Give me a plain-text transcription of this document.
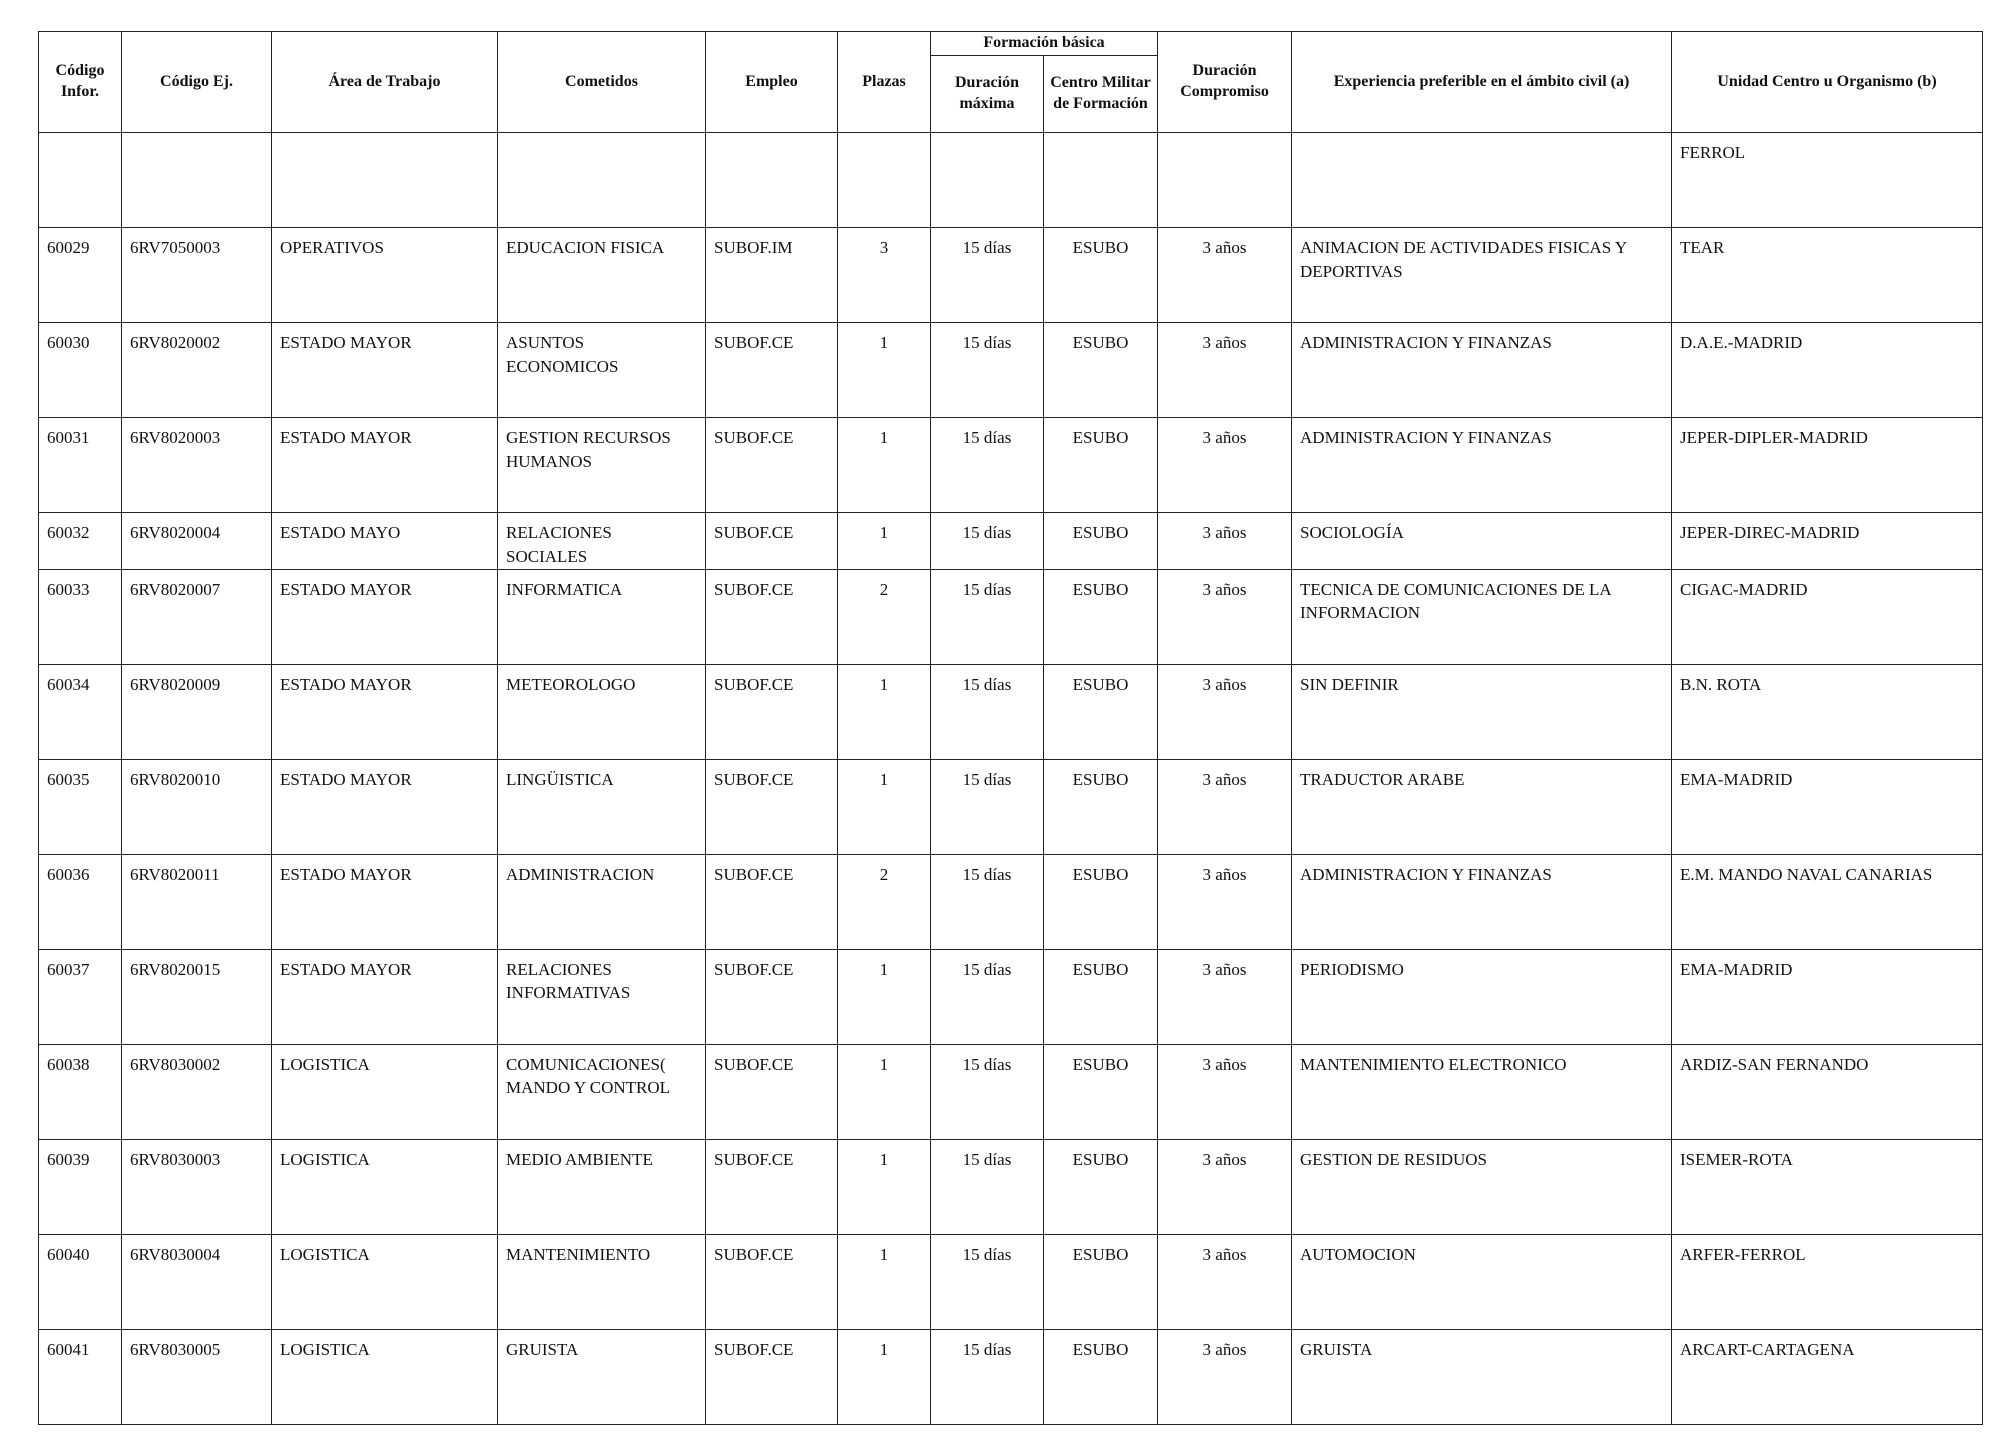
Código Infor.	Código Ej.	Área de Trabajo	Cometidos	Empleo	Plazas	Formación básica		Duración Compromiso	Experiencia preferible en el ámbito civil (a)	Unidad Centro u Organismo (b)
						Duración máxima	Centro Militar de Formación			
										FERROL
60029	6RV7050003	OPERATIVOS	EDUCACION FISICA	SUBOF.IM	3	15 días	ESUBO	3 años	ANIMACION DE ACTIVIDADES FISICAS Y DEPORTIVAS	TEAR
60030	6RV8020002	ESTADO MAYOR	ASUNTOS ECONOMICOS	SUBOF.CE	1	15 días	ESUBO	3 años	ADMINISTRACION Y FINANZAS	D.A.E.-MADRID
60031	6RV8020003	ESTADO MAYOR	GESTION RECURSOS HUMANOS	SUBOF.CE	1	15 días	ESUBO	3 años	ADMINISTRACION Y FINANZAS	JEPER-DIPLER-MADRID
60032	6RV8020004	ESTADO MAYO	RELACIONES SOCIALES	SUBOF.CE	1	15 días	ESUBO	3 años	SOCIOLOGÍA	JEPER-DIREC-MADRID
60033	6RV8020007	ESTADO MAYOR	INFORMATICA	SUBOF.CE	2	15 días	ESUBO	3 años	TECNICA DE COMUNICACIONES DE LA INFORMACION	CIGAC-MADRID
60034	6RV8020009	ESTADO MAYOR	METEOROLOGO	SUBOF.CE	1	15 días	ESUBO	3 años	SIN DEFINIR	B.N. ROTA
60035	6RV8020010	ESTADO MAYOR	LINGÜISTICA	SUBOF.CE	1	15 días	ESUBO	3 años	TRADUCTOR ARABE	EMA-MADRID
60036	6RV8020011	ESTADO MAYOR	ADMINISTRACION	SUBOF.CE	2	15 días	ESUBO	3 años	ADMINISTRACION Y FINANZAS	E.M. MANDO NAVAL CANARIAS
60037	6RV8020015	ESTADO MAYOR	RELACIONES INFORMATIVAS	SUBOF.CE	1	15 días	ESUBO	3 años	PERIODISMO	EMA-MADRID
60038	6RV8030002	LOGISTICA	COMUNICACIONES( MANDO Y CONTROL	SUBOF.CE	1	15 días	ESUBO	3 años	MANTENIMIENTO ELECTRONICO	ARDIZ-SAN FERNANDO
60039	6RV8030003	LOGISTICA	MEDIO AMBIENTE	SUBOF.CE	1	15 días	ESUBO	3 años	GESTION DE RESIDUOS	ISEMER-ROTA
60040	6RV8030004	LOGISTICA	MANTENIMIENTO	SUBOF.CE	1	15 días	ESUBO	3 años	AUTOMOCION	ARFER-FERROL
60041	6RV8030005	LOGISTICA	GRUISTA	SUBOF.CE	1	15 días	ESUBO	3 años	GRUISTA	ARCART-CARTAGENA
